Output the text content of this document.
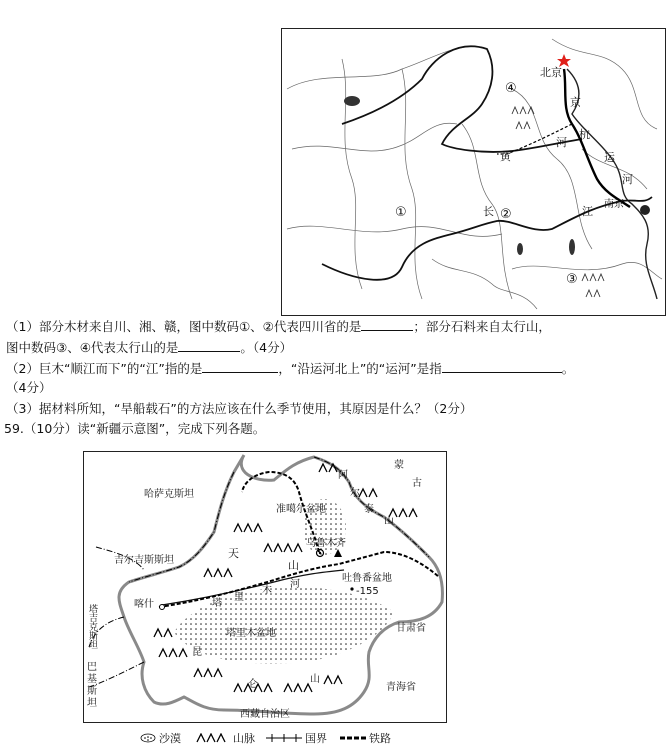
北京
京
杭
运
河
黄
河
长	江
南京
①	②
③
④
（1）部分木材来自川、湘、赣，图中数码①、②代表四川省的是	；部分石料来自太行山，
图中数码③、④代表太行山的是	。（4分）
（2）巨木“顺江而下”的“江”指的是	，“沿运河北上”的“运河”是指	。
（4分）
（3）据材料所知，“旱船载石”的方法应该在什么季节使用，其原因是什么？（2分）
59.（10分）读“新疆示意图”，完成下列各题。
哈萨克斯坦
蒙
古
准噶尔盆地
阿
尔
泰
山
乌鲁木齐
天
山
吉尔吉斯斯坦
吐鲁番盆地
-155
喀什	塔
里
木
河
塔吉克斯坦	塔里木盆地	甘肃省
巴
基
斯
坦
昆
仑	山
青海省
西藏自治区
沙漠	山脉	国界	铁路
